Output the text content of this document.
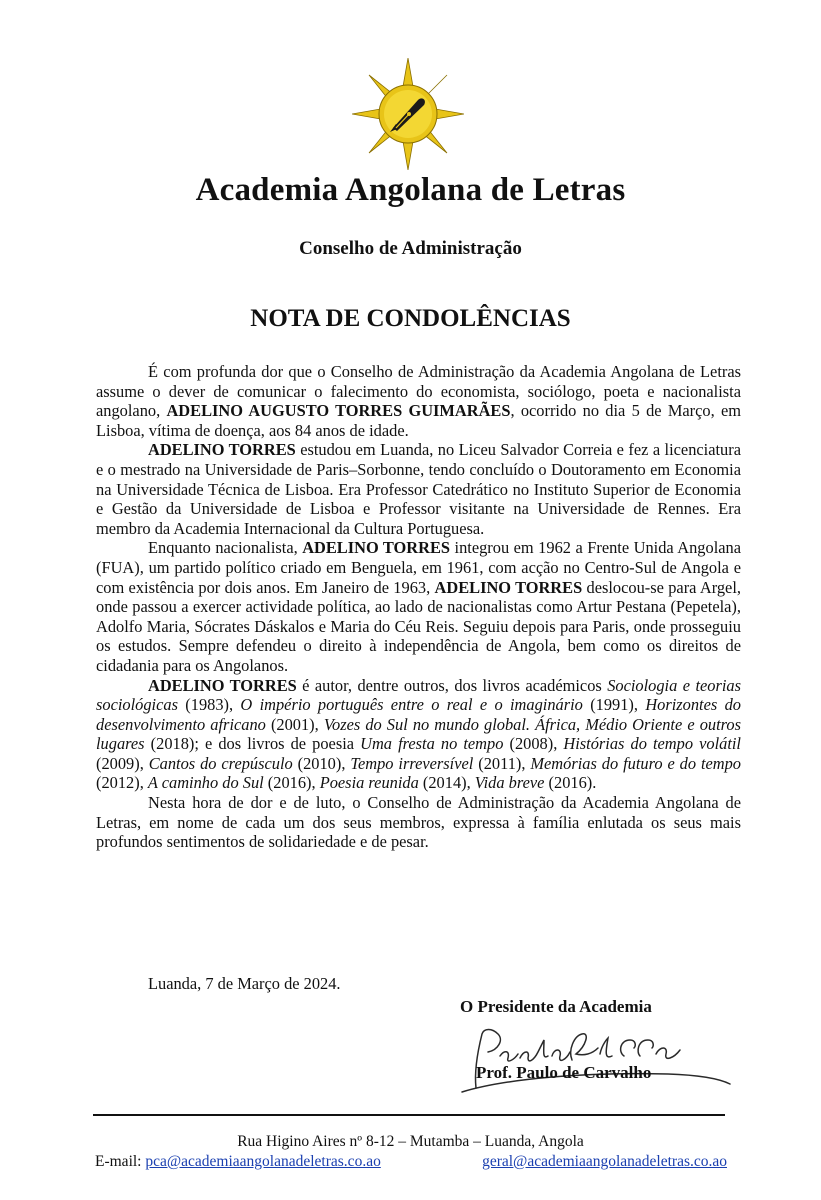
Academia Angolana de Letras
Conselho de Administração
NOTA DE CONDOLÊNCIAS

É com profunda dor que o Conselho de Administração da Academia Angolana de Letras assume o dever de comunicar o falecimento do economista, sociólogo, poeta e nacionalista angolano, ADELINO AUGUSTO TORRES GUIMARÃES, ocorrido no dia 5 de Março, em Lisboa, vítima de doença, aos 84 anos de idade.

ADELINO TORRES estudou em Luanda, no Liceu Salvador Correia e fez a licenciatura e o mestrado na Universidade de Paris–Sorbonne, tendo concluído o Doutoramento em Economia na Universidade Técnica de Lisboa. Era Professor Catedrático no Instituto Superior de Economia e Gestão da Universidade de Lisboa e Professor visitante na Universidade de Rennes. Era membro da Academia Internacional da Cultura Portuguesa.

Enquanto nacionalista, ADELINO TORRES integrou em 1962 a Frente Unida Angolana (FUA), um partido político criado em Benguela, em 1961, com acção no Centro-Sul de Angola e com existência por dois anos. Em Janeiro de 1963, ADELINO TORRES deslocou-se para Argel, onde passou a exercer actividade política, ao lado de nacionalistas como Artur Pestana (Pepetela), Adolfo Maria, Sócrates Dáskalos e Maria do Céu Reis. Seguiu depois para Paris, onde prosseguiu os estudos. Sempre defendeu o direito à independência de Angola, bem como os direitos de cidadania para os Angolanos.

ADELINO TORRES é autor, dentre outros, dos livros académicos Sociologia e teorias sociológicas (1983), O império português entre o real e o imaginário (1991), Horizontes do desenvolvimento africano (2001), Vozes do Sul no mundo global. África, Médio Oriente e outros lugares (2018); e dos livros de poesia Uma fresta no tempo (2008), Histórias do tempo volátil (2009), Cantos do crepúsculo (2010), Tempo irreversível (2011), Memórias do futuro e do tempo (2012), A caminho do Sul (2016), Poesia reunida (2014), Vida breve (2016).

Nesta hora de dor e de luto, o Conselho de Administração da Academia Angolana de Letras, em nome de cada um dos seus membros, expressa à família enlutada os seus mais profundos sentimentos de solidariedade e de pesar.

Luanda, 7 de Março de 2024.
O Presidente da Academia
Prof. Paulo de Carvalho
Rua Higino Aires nº 8-12 – Mutamba – Luanda, Angola
E-mail: pca@academiaangolanadeletras.co.ao	geral@academiaangolanadeletras.co.ao
